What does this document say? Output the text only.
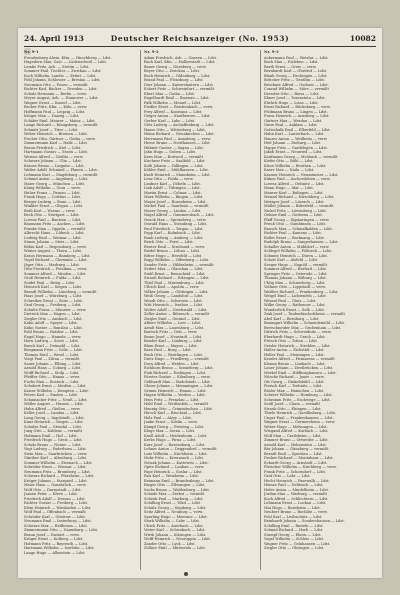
24. April 1913	Deutscher Reichsanzeiger (No. 1953)	10082
Nr. 9-1
Freudenberg Alwin, Kfm. — Hirschberg — Ldst.
Hagedorn Max, Gast. — Lüdenscheid — Ldst.
Lemke Fritz, Arb. — Stettin — Ldst.
Sommer Paul, Tischler — Zwickau — Ldst.
Koch Wilhelm, Landw. — Erfurt — Ldst.
Pohl Johann, Schlosser — Breslau — Ldst.
Neumann Otto — Posen — vermißt
Richter Karl, Bäcker — Dresden — Ldst.
Schulz Hermann — Berlin — verw.
Meyer August, Arb. — Hannover — Ldst.
Wagner Ernst — Kassel — Ldst.
Becker Fritz, Kfm. — Köln — verw.
Hoffmann Paul — Leipzig — Ldst.
Krüger Max — Danzig — Ldst.
Schäfer Emil, Maurer — Mainz — Ldst.
Lange Richard — Königsberg — vermißt
Schmitt Josef — Trier — Ldst.
Weber Heinrich — Bremen — Ldst.
Fischer Otto, Gärtner — Gotha — verw.
Zimmermann Karl — Halle — Ldst.
Braun Friedrich — Kiel — Ldst.
Hartmann Gustav — Essen — Ldst.
Werner Alfred — Görlitz — verw.
Schwarz Johann — Ulm — Ldst.
Krause Bruno — Liegnitz — Ldst.
Walter Adolf, Schmied — Plauen — Ldst.
Lehmann Kurt — Magdeburg — vermißt
Schmid Anton — Augsburg — Ldst.
Maier Georg — München — Ldst.
König Wilhelm — Gera — verw.
Huber Franz — Passau — Ldst.
Frank Hugo — Cottbus — Ldst.
Berger Ludwig — Bonn — Ldst.
Winkler Ernst — Glogau — Ldst.
Roth Karl — Worms — verw.
Beck Otto — Stuttgart — Ldst.
Lorenz Paul — Bautzen — Ldst.
Baumann Fritz — Aachen — Ldst.
Franke Max — Oppeln — vermißt
Albrecht Hans — Lübeck — Ldst.
Ludwig Emil — Weimar — Ldst.
Simon Johann — Metz — Ldst.
Böhm Karl — Regensburg — verw.
Winter August — Thorn — Ldst.
Kraus Hermann — Bamberg — Ldst.
Vogel Richard — Chemnitz — Ldst.
Jäger Otto — Marburg — Ldst.
Otto Friedrich — Potsdam — verw.
Sommer Alfred — Minden — Ldst.
Groß Heinrich — Fulda — Ldst.
Seidel Paul — Brieg — Ldst.
Heinrich Karl — Siegen — Ldst.
Brandt Wilhelm — Lüneburg — vermißt
Haas Josef — Würzburg — Ldst.
Schreiber Ernst — Zeitz — Ldst.
Graf Georg — Freiburg — Ldst.
Schulte Franz — Münster — verw.
Dietrich Max — Hagen — Ldst.
Ziegler Otto — Ansbach — Ldst.
Kuhn Adolf — Speyer — Ldst.
Kühn Gustav — Bunzlau — Ldst.
Pohl Bruno — Ratibor — Ldst.
Engel Hugo — Hameln — verw.
Horn Ludwig — Soest — Ldst.
Busch Karl — Detmold — Ldst.
Bergmann Fritz — Celle — Ldst.
Thomas Emil — Wesel — Ldst.
Voigt Paul — Zittau — vermißt
Sauer Johann — Elbing — Ldst.
Arnold Hans — Coburg — Ldst.
Wolff Richard — Stolp — Ldst.
Pfeiffer Otto — Hanau — verw.
Fuchs Max — Rostock — Ldst.
Schubert Ernst — Meißen — Ldst.
Kaiser Wilhelm — Kempten — Ldst.
Peters Karl — Emden — Ldst.
Schumacher Fritz — Neuß — Ldst.
Möller August — Husum — Ldst.
Hahn Alfred — Gießen — verw.
Keller Josef — Landau — Ldst.
Lang Georg — Ingolstadt — Ldst.
Kunz Heinrich — Siegen — Ldst.
Schulze Paul — Stendal — Ldst.
Jung Otto — Koblenz — vermißt
Hofmann Emil — Hof — Ldst.
Friedrich Hugo — Greiz — Ldst.
Scholz Bruno — Neisse — Ldst.
Vogt Ludwig — Paderborn — Ldst.
Stein Max — Saarbrücken — verw.
Günther Karl — Altenburg — Ldst.
Sommer Wilhelm — Eisenach — Ldst.
Schröder Ernst — Wismar — Ldst.
Neumann Fritz — Bromberg — Ldst.
Schwarz Richard — Pforzheim — Ldst.
Krüger Johann — Stargard — Ldst.
Meier Hans — Osnabrück — verw.
Wolf Otto — Darmstadt — Ldst.
Jansen Peter — Kleve — Ldst.
Friedrich Adolf — Dessau — Ldst.
Richter Gustav — Freiberg — Ldst.
Klein Heinrich — Wiesbaden — Ldst.
Wolf Paul — Offenbach — vermißt
Schröder Karl — Güstrow — Ldst.
Neumann Emil — Insterburg — Ldst.
Schwarz Max — Heilbronn — Ldst.
Zimmermann Otto — Naumburg — Ldst.
Braun Josef — Rastatt — verw.
Krüger Ernst — Kolberg — Ldst.
Hofmann Fritz — Bayreuth — Ldst.
Hartmann Wilhelm — Iserlohn — Ldst.
Lange Hugo — Allenstein — Ldst.
Nr. 9-2
Adam Friedrich, Arb. — Gnesen — Ldst.
Bach Karl, Kfm. — Halberstadt — Ldst.
Bauer Georg — Nürnberg — verw.
Beyer Otto — Zwickau — Ldst.
Bock Heinrich — Oldenburg — Ldst.
Brand Paul — Flensburg — Ldst.
Dörr Johann — Kaiserslautern — Ldst.
Eckert Fritz — Schweinfurt — vermißt
Ebert Max — Gotha — Ldst.
Engelhardt Emil — Ilmenau — Ldst.
Falk Wilhelm — Memel — Ldst.
Fiedler Ernst — Reichenbach — verw.
Frey Alfred — Konstanz — Ldst.
Geiger Anton — Kaufbeuren — Ldst.
Gerber Karl — Lahr — Ldst.
Götz Ludwig — Aschaffenburg — Ldst.
Haase Otto — Wittenberg — Ldst.
Heinz Richard — Neunkirchen — Ldst.
Herrmann Paul — Annaberg — verw.
Hesse Bruno — Nordhausen — Ldst.
Hübner Gustav — Sagan — Ldst.
Jahn Hugo — Guben — Ldst.
Kern Max — Rottweil — vermißt
Kirchner Fritz — Saalfeld — Ldst.
Kolb Johann — Dillingen — Ldst.
Köhler Emil — Mühlhausen — Ldst.
Kraft Heinrich — Mannheim — Ldst.
Lenz Otto — Fulda — verw.
Lindner Karl — Döbeln — Ldst.
Link Adolf — Tübingen — Ldst.
Martin Ernst — Colmar — Ldst.
Marx Wilhelm — Bingen — Ldst.
Mayer Josef — Rosenheim — Ldst.
Michel Paul — Saarlouis — vermißt
Moser Georg — Lindau — Ldst.
Nagel Alfred — Gummersbach — Ldst.
Noack Max — Spremberg — verw.
Oswald Hans — Straubing — Ldst.
Paul Friedrich — Torgau — Ldst.
Popp Karl — Kulmbach — Ldst.
Raab Ludwig — Amberg — Ldst.
Reich Otto — Forst — Ldst.
Reuter Emil — Stralsund — verw.
Riedel Bruno — Löbau — Ldst.
Ritter Hugo — Hersfeld — Ldst.
Rupp Wilhelm — Offenburg — Ldst.
Sander Fritz — Hildesheim — vermißt
Seifert Max — Glauchau — Ldst.
Stahl Ernst — Remscheid — Ldst.
Strauß Richard — Erlangen — Ldst.
Thiel Paul — Marienburg — Ldst.
Ullrich Karl — Apolda — verw.
Völker Johann — Göttingen — Ldst.
Weiß Georg — Landshut — Ldst.
Wendt Otto — Schwerin — Ldst.
Witt Heinrich — Itzehoe — Ldst.
Wolter Adolf — Greifswald — Ldst.
Zeller Anton — Biberach — vermißt
Ziegler Emil — Gmünd — Ldst.
Albers Wilhelm — Leer — Ldst.
Arndt Max — Lauenburg — Ldst.
Bartsch Fritz — Oels — verw.
Baum Josef — Neustadt — Ldst.
Bender Karl — Limburg — Ldst.
Blum Ernst — Mayen — Ldst.
Born Paul — Burg — Ldst.
Buck Otto — Reutlingen — Ldst.
Dietz Hugo — Friedberg — vermißt
Dorn Alfred — Weiden — Ldst.
Eichhorn Bruno — Sonneberg — Ldst.
Fink Richard — Esslingen — Ldst.
Förster Gustav — Eilenburg — verw.
Gebhardt Max — Rudolstadt — Ldst.
Glaser Johann — Memmingen — Ldst.
Grimm Heinrich — Hanau — Ldst.
Hagen Wilhelm — Verden — Ldst.
Hein Fritz — Prenzlau — Ldst.
Held Emil — Weißenfels — vermißt
Hennig Otto — Crimmitschau — Ldst.
Hirsch Karl — Bruchsal — Ldst.
Holz Paul — Alzey — Ldst.
Janke Ernst — Köslin — verw.
Kämpf Georg — Freising — Ldst.
Kluge Max — Sorau — Ldst.
Knoll Adolf — Heidenheim — Ldst.
Krebs Hugo — Pirna — Ldst.
Kurz Josef — Ravensburg — Ldst.
Lehner Anton — Deggendorf — vermißt
Lutz Wilhelm — Kirchheim — Ldst.
Mohr Fritz — Kreuznach — Ldst.
Nowak Johann — Kattowitz — Ldst.
Opitz Richard — Lauban — verw.
Pape Heinrich — Goslar — Ldst.
Rau Karl — Weinheim — Ldst.
Reimann Emil — Brandenburg — Ldst.
Rieger Otto — Ellwangen — Ldst.
Sachs Bruno — Waldenburg — Ldst.
Schade Max — Zerbst — vermißt
Schenk Paul — Marburg — Ldst.
Schilling Ernst — Tilsit — Ldst.
Schütz Georg — Siegburg — Ldst.
Seitz Alfred — Neuburg — verw.
Sperling Hugo — Meerane — Ldst.
Stark Wilhelm — Calw — Ldst.
Ulrich Fritz — Auerbach — Ldst.
Vetter Karl — Schwabach — Ldst.
Wirth Johann — Kitzingen — Ldst.
Wolff Heinrich — Neuruppin — Ldst.
Zander Otto — Lyck — Ldst.
Zöllner Emil — Mittweida — Ldst.
Nr. 9-3
Ackermann Paul — Wetzlar — Ldst.
Bach Max — Eisleben — Ldst.
Barth Ernst — Greiz — verw.
Bernhardt Karl — Ohrdruf — Ldst.
Blank Georg — Hechingen — Ldst.
Böttcher Fritz — Genthin — Ldst.
Brückner Alfred — Oschatz — Ldst.
Conrad Wilhelm — Mörs — vermißt
Dressler Otto — Riesa — Ldst.
Ebner Josef — Traunstein — Ldst.
Ehrlich Hugo — Lissa — Ldst.
Ernst Richard — Bückeburg — verw.
Feldmann Bruno — Lingen — Ldst.
Franz Heinrich — Arnsberg — Ldst.
Gärtner Max — Werdau — Ldst.
Giese Paul — Anklam — Ldst.
Gottschalk Emil — Elberfeld — Ldst.
Hahn Karl — Lauterbach — Ldst.
Hauser Anton — Weilheim — verw.
Heil Johann — Dieburg — Ldst.
Hoppe Fritz — Gardelegen — Ldst.
Jakob Ernst — Neuwied — Ldst.
Kaufmann Georg — Mosbach — vermißt
Kiefer Otto — Bühl — Ldst.
Klose Wilhelm — Beuthen — Ldst.
Knorr Max — Naila — Ldst.
Kramer Heinrich — Neumünster — Ldst.
Kühne Paul — Aschersleben — verw.
Lorenz Alfred — Oelsnitz — Ldst.
Mann Hugo — Idar — Ldst.
Maurer Karl — Balingen — Ldst.
Menzel Richard — Hirschberg — Ldst.
Metzger Josef — Lörrach — Ldst.
Müller Johann — Bitterfeld — vermißt
Nickel Fritz — Löwenberg — Ldst.
Oehme Emil — Oederan — Ldst.
Pfaff Georg — Sigmaringen — verw.
Preuß Otto — Gumbinnen — Ldst.
Rausch Max — Schmalkalden — Ldst.
Richter Paul — Kamenz — Ldst.
Roller Ernst — Backnang — Ldst.
Rudolph Bruno — Sangerhausen — Ldst.
Schaller Anton — Mühldorf — verw.
Schlegel Wilhelm — Pößneck — Ldst.
Schmitz Heinrich — Düren — Ldst.
Schott Karl — Alsfeld — Ldst.
Seeger Hugo — Nagold — vermißt
Sommer Alfred — Herford — Ldst.
Springer Fritz — Osterode — Ldst.
Thomas Johann — Bitburg — Ldst.
Uhlig Max — Schneeberg — Ldst.
Vollmer Otto — Lippstadt — verw.
Walther Richard — Frankenberg — Ldst.
Weigel Emil — Lichtenfels — Ldst.
Wenzel Paul — Glatz — Ldst.
Wilke Georg — Rathenow — Ldst.
Wunderlich Ernst — Selb — Ldst.
Zink Josef — Tauberbischofsheim — vermißt
Abel Karl — Bernburg — Ldst.
Baumgart Wilhelm — Schneidemühl — Ldst.
Bretschneider Max — Großenhain — Ldst.
Dittrich Fritz — Schweidnitz — verw.
Eberhardt Hugo — Urach — Ldst.
Fritsch Otto — Zittau — Ldst.
Geisler Heinrich — Strehlen — Ldst.
Haller Anton — Eichstätt — Ldst.
Heller Paul — Meiningen — Ldst.
Kessler Alfred — Pirmasens — vermißt
Klemm Bruno — Limbach — Ldst.
Lauer Johann — Zweibrücken — Ldst.
Merkel Emil — Hildburghausen — Ldst.
Nitsche Richard — Jauer — verw.
Ott Georg — Dinkelsbühl — Ldst.
Pietsch Karl — Trebnitz — Ldst.
Rösler Max — Hainichen — Ldst.
Scherer Wilhelm — Homburg — Ldst.
Schramm Fritz — Eschwege — Ldst.
Seidl Josef — Cham — vermißt
Straub Otto — Ehingen — Ldst.
Thiele Heinrich — Quedlinburg — Ldst.
Unger Paul — Frankenhausen — Ldst.
Wagner Ernst — Germersheim — verw.
Weber Hugo — Melsungen — Ldst.
Wiegand Alfred — Korbach — Ldst.
Wolf Max — Crailsheim — Ldst.
Zimmer Bruno — Ottweiler — Ldst.
Arnold Karl — Hohenstein — Ldst.
Bär Johann — Günzburg — vermißt
Berndt Emil — Sprottau — Ldst.
Decker Richard — Montabaur — Ldst.
Eckardt Georg — Arnstadt — Ldst.
Fleischer Wilhelm — Kirchberg — verw.
Frank Fritz — Schorndorf — Ldst.
Graf Otto — Lahr — Ldst.
Hecht Heinrich — Pasewalk — Ldst.
Heinze Paul — Delitzsch — Ldst.
Hofer Anton — Mindelheim — Ldst.
Jordan Max — Warburg — vermißt
Koch Alfred — Schlüchtern — Ldst.
Lehmann Ernst — Luckau — Ldst.
Mai Hugo — Bensheim — Ldst.
Neubert Bruno — Rochlitz — verw.
Pohl Karl — Leobschütz — Ldst.
Reinhardt Johann — Sondershausen — Ldst.
Schilling Emil — Rinteln — Ldst.
Schmid Richard — Horb — Ldst.
Stumpf Georg — Ebern — Ldst.
Vogel Wilhelm — Schleiz — Ldst.
Wagner Fritz — Gelnhausen — Ldst.
Ziegler Otto — Öhringen — Ldst.
